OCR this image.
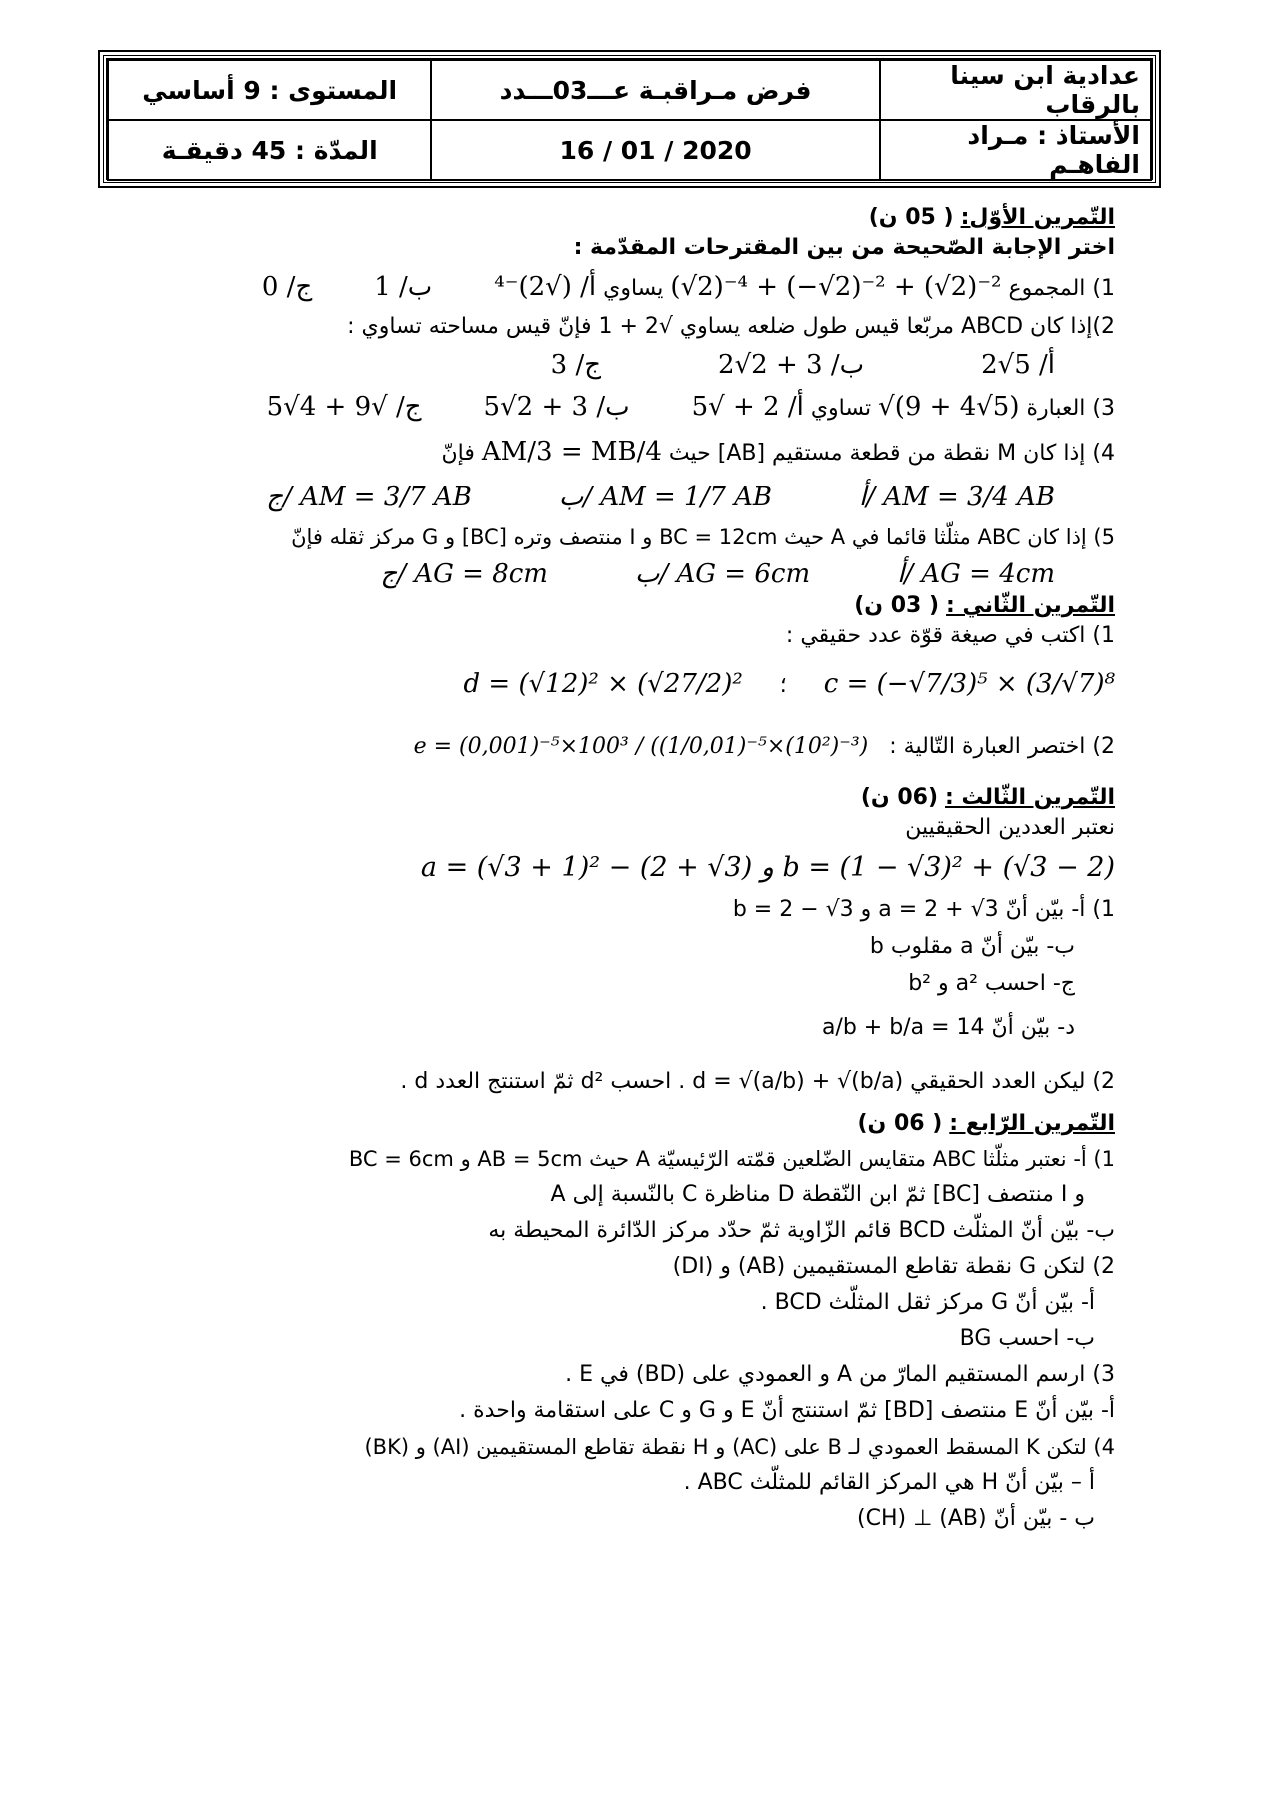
عدادية ابن سينا بالرقاب	فرض مـراقبـة عـــ03ـــدد	المستوى : 9 أساسي
الأستاذ : مـراد الفاهـم	2020 / 01 / 16	المدّة : 45 دقيقـة
التّمرين الأوّل: ( 05 ن)
اختر الإجابة الصّحيحة من بين المقترحات المقدّمة :
1) المجموع (√2)⁻⁴ + (−√2)⁻² + (√2)⁻² يساوي أ/ (√2)⁻⁴ ب/ 1 ج/ 0
2)إذا كان ABCD مربّعا قيس طول ضلعه يساوي √2 + 1 فإنّ قيس مساحته تساوي :
أ/ 5√2 ب/ 3 + 2√2 ج/ 3
3) العبارة √(9 + 4√5) تساوي أ/ 2 + √5 ب/ 3 + 2√5 ج/ √9 + 4√5
4) إذا كان M نقطة من قطعة مستقيم [AB] حيث AM/3 = MB/4 فإنّ
أ/ AM = 3/4 AB ب/ AM = 1/7 AB ج/ AM = 3/7 AB
5) إذا كان ABC مثلّثا قائما في A حيث BC = 12cm و I منتصف وتره [BC] و G مركز ثقله فإنّ
أ/ AG = 4cm ب/ AG = 6cm ج/ AG = 8cm
التّمرين الثّاني : ( 03 ن)
1) اكتب في صيغة قوّة عدد حقيقي :
c = (−√7/3)⁵ × (3/√7)⁸ ؛ d = (√12)² × (√27/2)²
2) اختصر العبارة التّالية : e = (0,001)⁻⁵×100³ / ((1/0,01)⁻⁵×(10²)⁻³)
التّمرين الثّالث : (06 ن)
نعتبر العددين الحقيقيين
a = (√3 + 1)² − (2 + √3) و b = (1 − √3)² + (√3 − 2)
1) أ- بيّن أنّ a = 2 + √3 و b = 2 − √3
ب- بيّن أنّ a مقلوب b
ج- احسب a² و b²
د- بيّن أنّ a/b + b/a = 14
2) ليكن العدد الحقيقي d = √(a/b) + √(b/a) . احسب d² ثمّ استنتج العدد d .
التّمرين الرّابع : ( 06 ن)
1) أ- نعتبر مثلّثا ABC متقايس الضّلعين قمّته الرّئيسيّة A حيث AB = 5cm و BC = 6cm
و I منتصف [BC] ثمّ ابن النّقطة D مناظرة C بالنّسبة إلى A
ب- بيّن أنّ المثلّث BCD قائم الزّاوية ثمّ حدّد مركز الدّائرة المحيطة به
2) لتكن G نقطة تقاطع المستقيمين (AB) و (DI)
أ- بيّن أنّ G مركز ثقل المثلّث BCD .
ب- احسب BG
3) ارسم المستقيم المارّ من A و العمودي على (BD) في E .
أ- بيّن أنّ E منتصف [BD] ثمّ استنتج أنّ E و G و C على استقامة واحدة .
4) لتكن K المسقط العمودي لـ B على (AC) و H نقطة تقاطع المستقيمين (AI) و (BK)
أ – بيّن أنّ H هي المركز القائم للمثلّث ABC .
ب - بيّن أنّ (AB) ⊥ (CH)
